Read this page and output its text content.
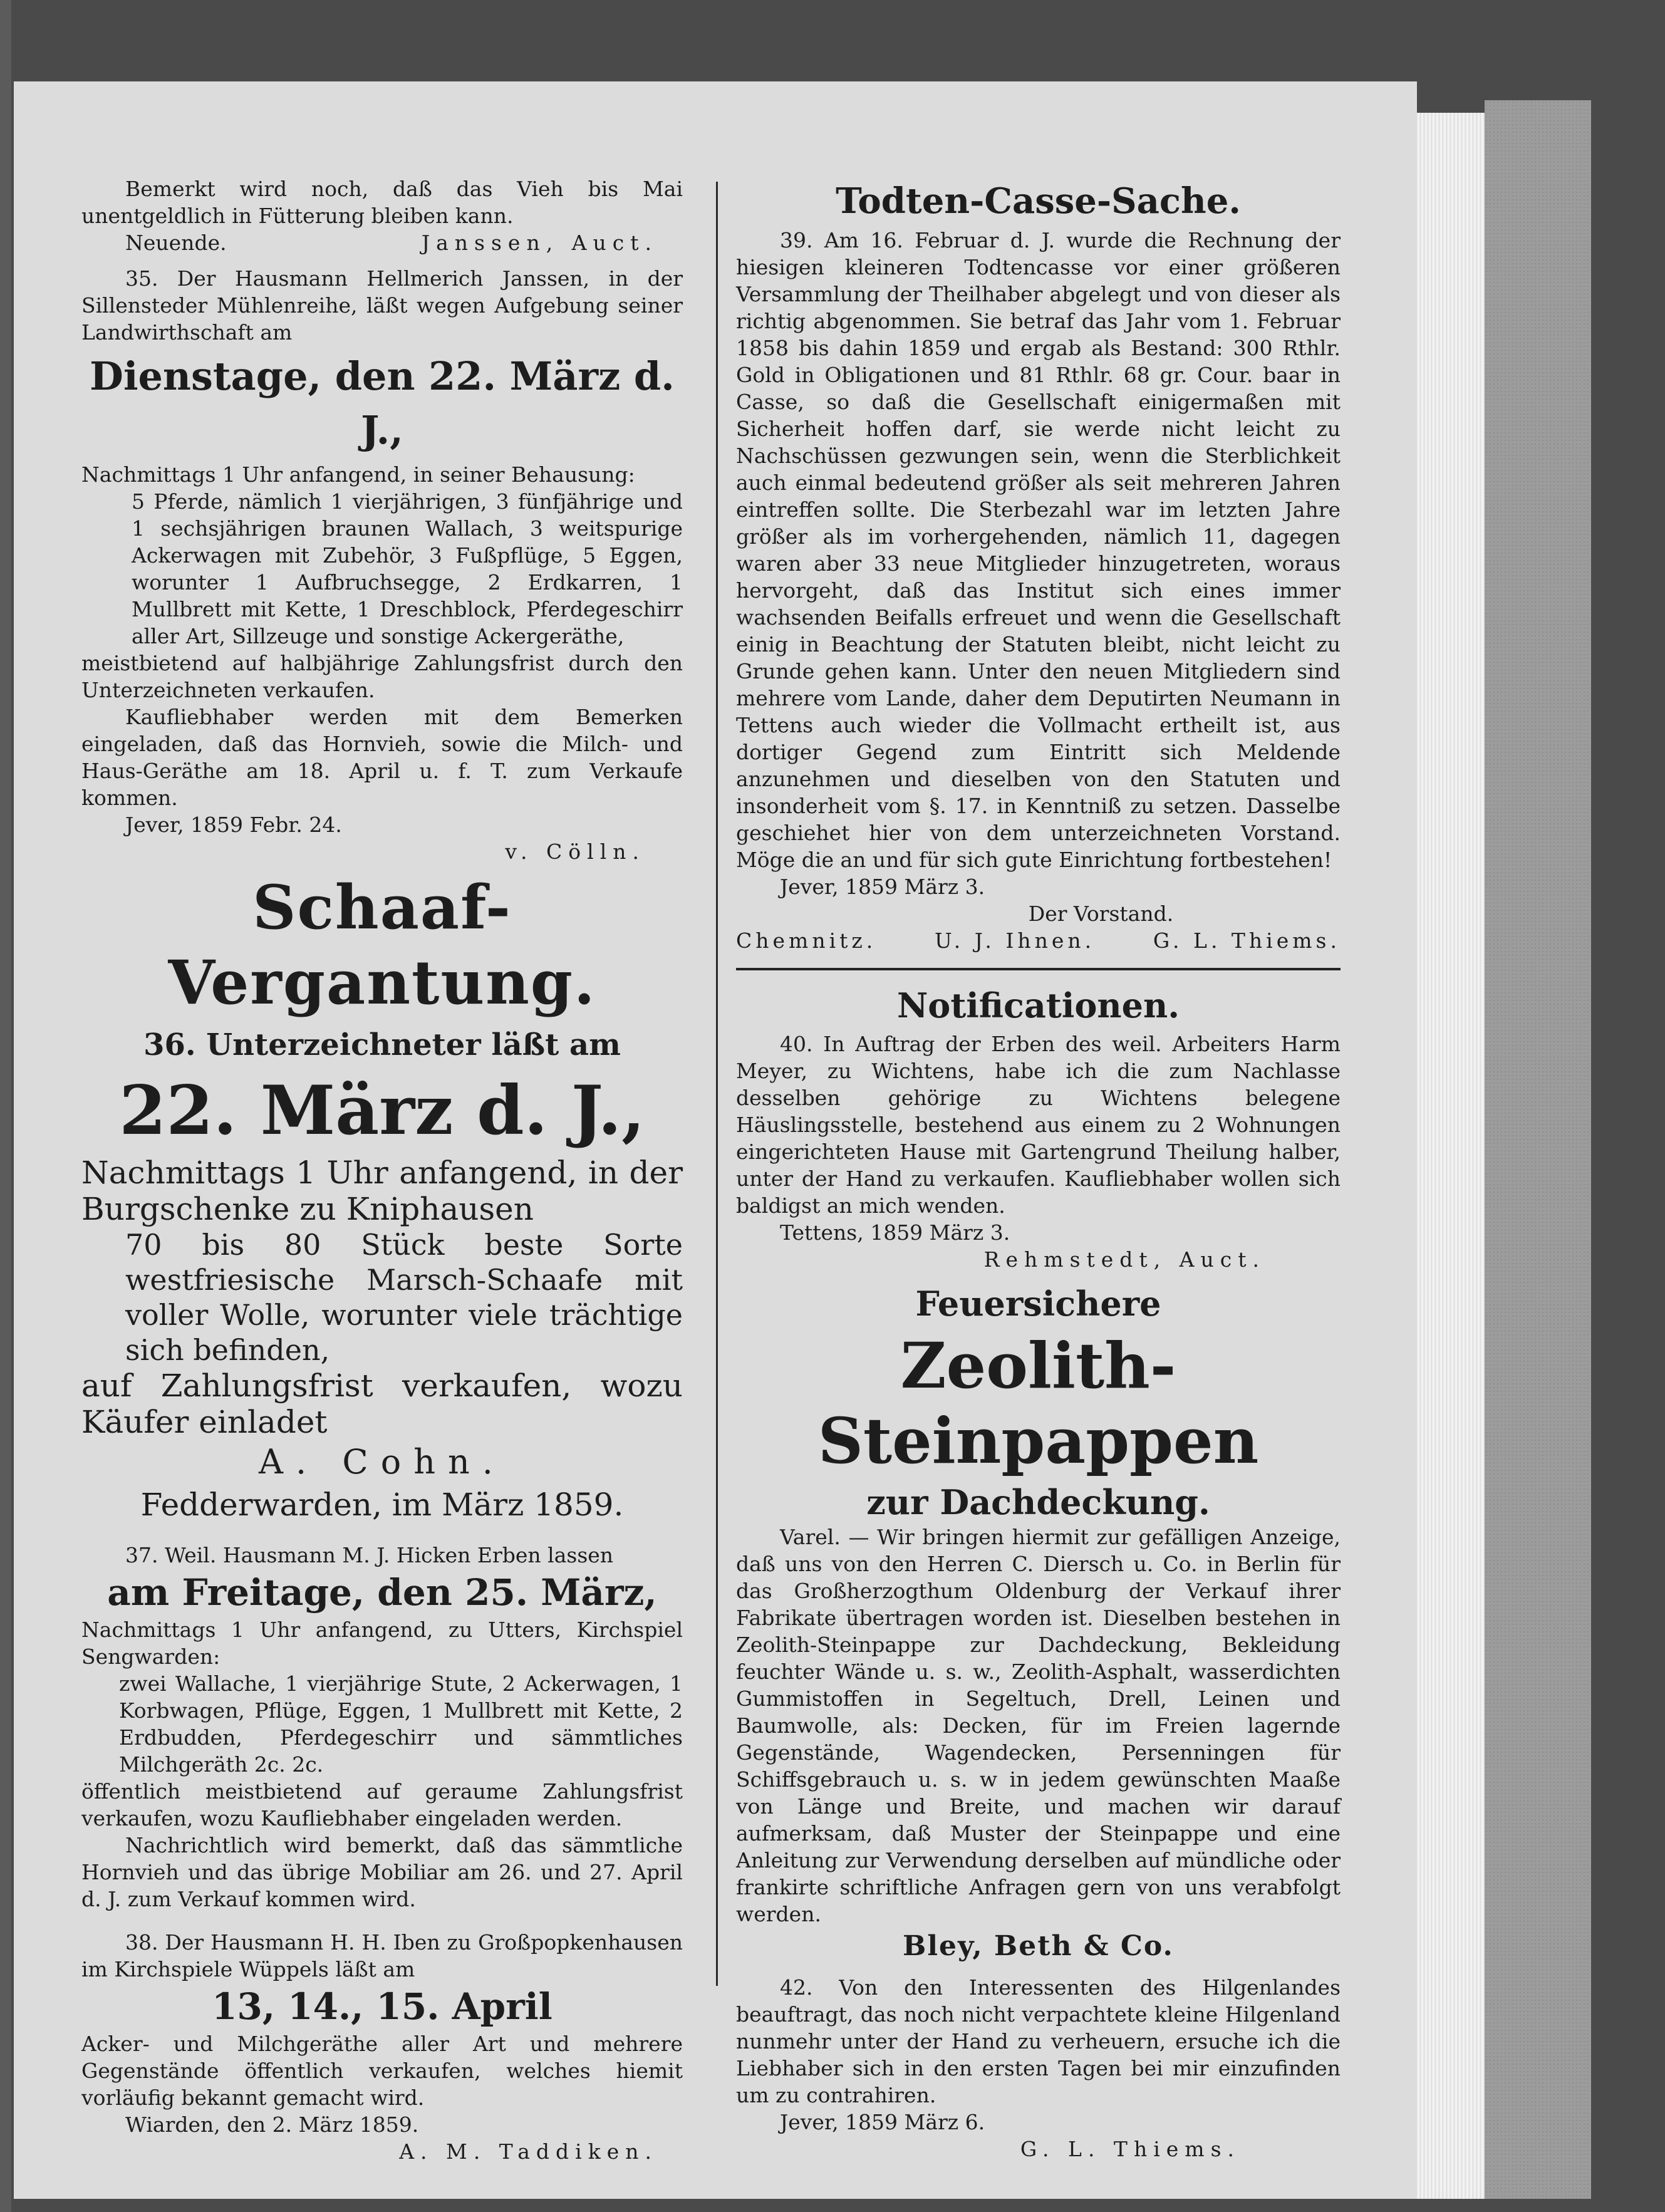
Bemerkt wird noch, daß das Vieh bis Mai unentgeldlich in Fütterung bleiben kann.

Neuende.	Janssen, Auct.

35. Der Hausmann Hellmerich Janssen, in der Sillensteder Mühlenreihe, läßt wegen Aufgebung seiner Landwirthschaft am

Dienstage, den 22. März d. J.,

Nachmittags 1 Uhr anfangend, in seiner Behausung:

5 Pferde, nämlich 1 vierjährigen, 3 fünfjährige und 1 sechsjährigen braunen Wallach, 3 weitspurige Ackerwagen mit Zubehör, 3 Fußpflüge, 5 Eggen, worunter 1 Aufbruchsegge, 2 Erdkarren, 1 Mullbrett mit Kette, 1 Dreschblock, Pferdegeschirr aller Art, Sillzeuge und sonstige Ackergeräthe,

meistbietend auf halbjährige Zahlungsfrist durch den Unterzeichneten verkaufen.

Kaufliebhaber werden mit dem Bemerken eingeladen, daß das Hornvieh, sowie die Milch- und Haus-Geräthe am 18. April u. f. T. zum Verkaufe kommen.

Jever, 1859 Febr. 24.

v. Cölln.

Schaaf-Vergantung.
36. Unterzeichneter läßt am
22. März d. J.,

Nachmittags 1 Uhr anfangend, in der Burgschenke zu Kniphausen

70 bis 80 Stück beste Sorte westfriesische Marsch-Schaafe mit voller Wolle, worunter viele trächtige sich befinden,

auf Zahlungsfrist verkaufen, wozu Käufer einladet

A. Cohn.
Fedderwarden, im März 1859.

37. Weil. Hausmann M. J. Hicken Erben lassen

am Freitage, den 25. März,

Nachmittags 1 Uhr anfangend, zu Utters, Kirchspiel Sengwarden:

zwei Wallache, 1 vierjährige Stute, 2 Ackerwagen, 1 Korbwagen, Pflüge, Eggen, 1 Mullbrett mit Kette, 2 Erdbudden, Pferdegeschirr und sämmtliches Milchgeräth 2c. 2c.

öffentlich meistbietend auf geraume Zahlungsfrist verkaufen, wozu Kaufliebhaber eingeladen werden.

Nachrichtlich wird bemerkt, daß das sämmtliche Hornvieh und das übrige Mobiliar am 26. und 27. April d. J. zum Verkauf kommen wird.

38. Der Hausmann H. H. Iben zu Großpopkenhausen im Kirchspiele Wüppels läßt am

13, 14., 15. April

Acker- und Milchgeräthe aller Art und mehrere Gegenstände öffentlich verkaufen, welches hiemit vorläufig bekannt gemacht wird.

Wiarden, den 2. März 1859.

A. M. Taddiken.

Todten-Casse-Sache.

39. Am 16. Februar d. J. wurde die Rechnung der hiesigen kleineren Todtencasse vor einer größeren Versammlung der Theilhaber abgelegt und von dieser als richtig abgenommen. Sie betraf das Jahr vom 1. Februar 1858 bis dahin 1859 und ergab als Bestand: 300 Rthlr. Gold in Obligationen und 81 Rthlr. 68 gr. Cour. baar in Casse, so daß die Gesellschaft einigermaßen mit Sicherheit hoffen darf, sie werde nicht leicht zu Nachschüssen gezwungen sein, wenn die Sterblichkeit auch einmal bedeutend größer als seit mehreren Jahren eintreffen sollte. Die Sterbezahl war im letzten Jahre größer als im vorhergehenden, nämlich 11, dagegen waren aber 33 neue Mitglieder hinzugetreten, woraus hervorgeht, daß das Institut sich eines immer wachsenden Beifalls erfreuet und wenn die Gesellschaft einig in Beachtung der Statuten bleibt, nicht leicht zu Grunde gehen kann. Unter den neuen Mitgliedern sind mehrere vom Lande, daher dem Deputirten Neumann in Tettens auch wieder die Vollmacht ertheilt ist, aus dortiger Gegend zum Eintritt sich Meldende anzunehmen und dieselben von den Statuten und insonderheit vom §. 17. in Kenntniß zu setzen. Dasselbe geschiehet hier von dem unterzeichneten Vorstand. Möge die an und für sich gute Einrichtung fortbestehen!

Jever, 1859 März 3.

Der Vorstand.

Chemnitz.	U. J. Ihnen.	G. L. Thiems.
Notificationen.

40. In Auftrag der Erben des weil. Arbeiters Harm Meyer, zu Wichtens, habe ich die zum Nachlasse desselben gehörige zu Wichtens belegene Häuslingsstelle, bestehend aus einem zu 2 Wohnungen eingerichteten Hause mit Gartengrund Theilung halber, unter der Hand zu verkaufen. Kaufliebhaber wollen sich baldigst an mich wenden.

Tettens, 1859 März 3.

Rehmstedt, Auct.

Feuersichere
Zeolith-Steinpappen
zur Dachdeckung.

Varel. — Wir bringen hiermit zur gefälligen Anzeige, daß uns von den Herren C. Diersch u. Co. in Berlin für das Großherzogthum Oldenburg der Verkauf ihrer Fabrikate übertragen worden ist. Dieselben bestehen in Zeolith-Steinpappe zur Dachdeckung, Bekleidung feuchter Wände u. s. w., Zeolith-Asphalt, wasserdichten Gummistoffen in Segeltuch, Drell, Leinen und Baumwolle, als: Decken, für im Freien lagernde Gegenstände, Wagendecken, Persenningen für Schiffsgebrauch u. s. w in jedem gewünschten Maaße von Länge und Breite, und machen wir darauf aufmerksam, daß Muster der Steinpappe und eine Anleitung zur Verwendung derselben auf mündliche oder frankirte schriftliche Anfragen gern von uns verabfolgt werden.

Bley, Beth & Co.

42. Von den Interessenten des Hilgenlandes beauftragt, das noch nicht verpachtete kleine Hilgenland nunmehr unter der Hand zu verheuern, ersuche ich die Liebhaber sich in den ersten Tagen bei mir einzufinden um zu contrahiren.

Jever, 1859 März 6.

G. L. Thiems.
